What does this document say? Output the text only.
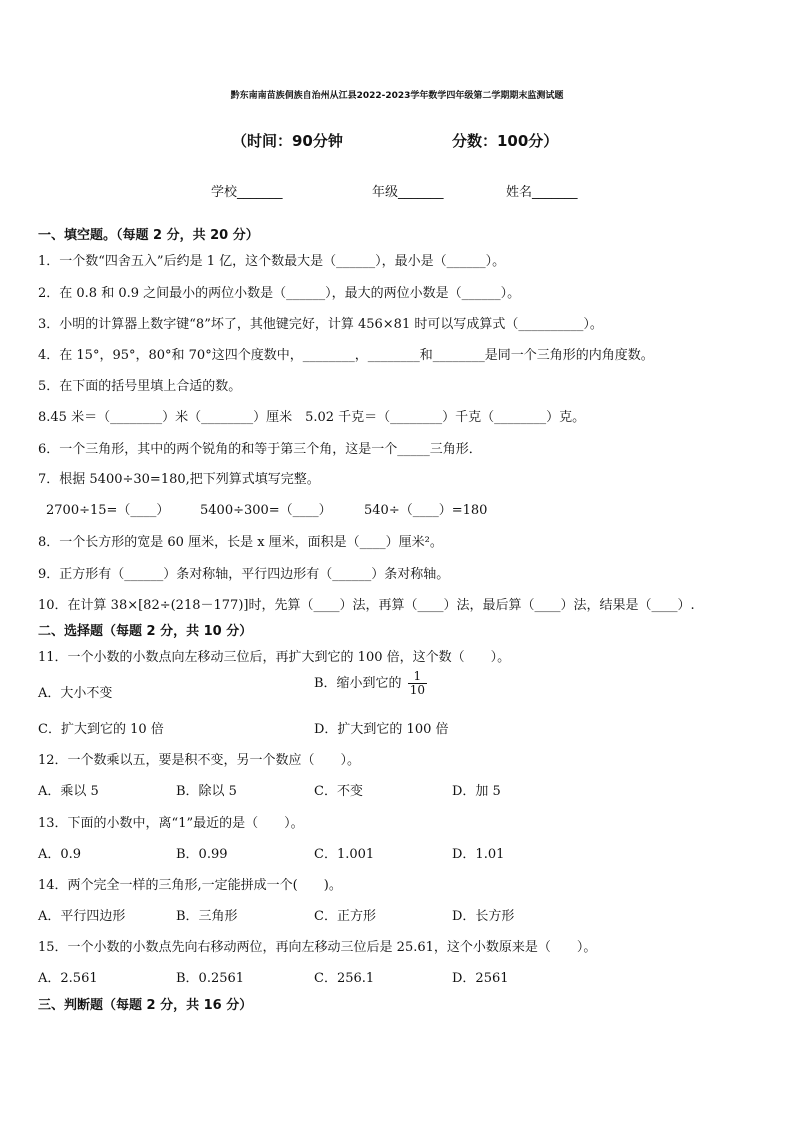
黔东南南苗族侗族自治州从江县2022-2023学年数学四年级第二学期期末监测试题
（时间：90分钟	分数：100分）
学校_______	年级_______	姓名_______
一、填空题。（每题 2 分，共 20 分）
1．一个数“四舍五入”后约是 1 亿，这个数最大是（______），最小是（______）。
2．在 0.8 和 0.9 之间最小的两位小数是（______），最大的两位小数是（______）。
3．小明的计算器上数字键“8”坏了，其他键完好，计算 456×81 时可以写成算式（__________）。
4．在 15°，95°，80°和 70°这四个度数中，________，________和________是同一个三角形的内角度数。
5．在下面的括号里填上合适的数。
8.45 米＝（________）米（________）厘米　5.02 千克＝（________）千克（________）克。
6．一个三角形，其中的两个锐角的和等于第三个角，这是一个_____三角形．
7．根据 5400÷30=180,把下列算式填写完整。
2700÷15=（____） 5400÷300=（____） 540÷（____）=180
8．一个长方形的宽是 60 厘米，长是 x 厘米，面积是（____）厘米²。
9．正方形有（______）条对称轴，平行四边形有（______）条对称轴。
10．在计算 38×[82÷(218－177)]时，先算（____）法，再算（____）法，最后算（____）法，结果是（____）.
二、选择题（每题 2 分，共 10 分）
11．一个小数的小数点向左移动三位后，再扩大到它的 100 倍，这个数（　　）。
A．大小不变
B．缩小到它的 $\frac{1}{10}$
C．扩大到它的 10 倍	D．扩大到它的 100 倍
12．一个数乘以五，要是积不变，另一个数应（　　）。
A．乘以 5	B．除以 5	C．不变	D．加 5
13．下面的小数中，离“1”最近的是（　　）。
A．0.9	B．0.99	C．1.001	D．1.01
14．两个完全一样的三角形,一定能拼成一个(　　)。
A．平行四边形	B．三角形	C．正方形	D．长方形
15．一个小数的小数点先向右移动两位，再向左移动三位后是 25.61，这个小数原来是（　　）。
A．2.561	B．0.2561	C．256.1	D．2561
三、判断题（每题 2 分，共 16 分）
